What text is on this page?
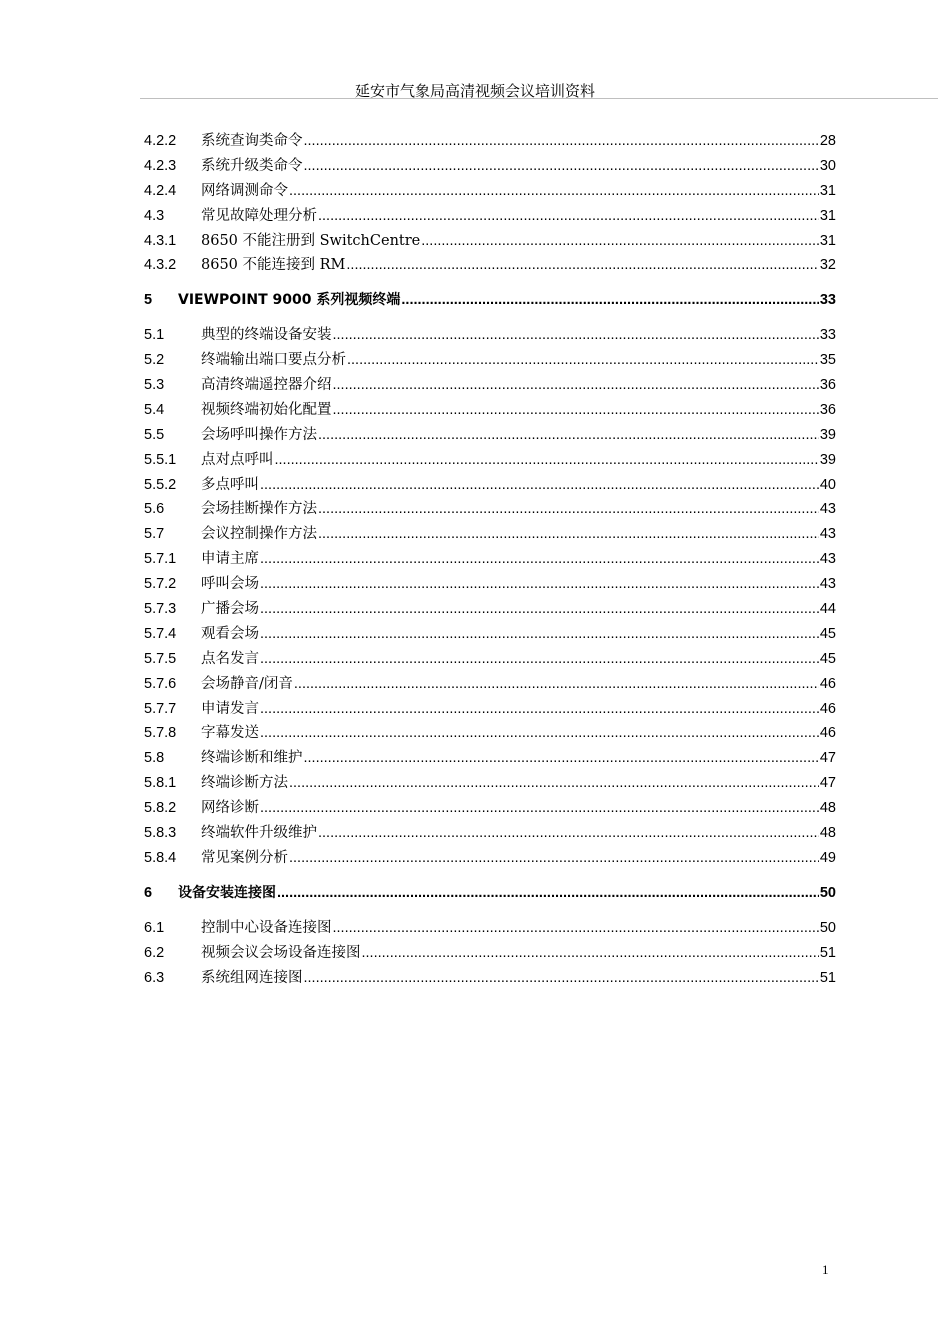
延安市气象局高清视频会议培训资料
4.2.2	系统查询类命令 .....	28
4.2.3	系统升级类命令 .....	30
4.2.4	网络调测命令 .....	31
4.3	常见故障处理分析 .....	31
4.3.1	8650 不能注册到 SwitchCentre .....	31
4.3.2	8650 不能连接到 RM .....	32
5	VIEWPOINT 9000 系列视频终端 .....	33
5.1	典型的终端设备安装 .....	33
5.2	终端输出端口要点分析 .....	35
5.3	高清终端遥控器介绍 .....	36
5.4	视频终端初始化配置 .....	36
5.5	会场呼叫操作方法 .....	39
5.5.1	点对点呼叫 .....	39
5.5.2	多点呼叫 .....	40
5.6	会场挂断操作方法 .....	43
5.7	会议控制操作方法 .....	43
5.7.1	申请主席 .....	43
5.7.2	呼叫会场 .....	43
5.7.3	广播会场 .....	44
5.7.4	观看会场 .....	45
5.7.5	点名发言 .....	45
5.7.6	会场静音/闭音 .....	46
5.7.7	申请发言 .....	46
5.7.8	字幕发送 .....	46
5.8	终端诊断和维护 .....	47
5.8.1	终端诊断方法 .....	47
5.8.2	网络诊断 .....	48
5.8.3	终端软件升级维护 .....	48
5.8.4	常见案例分析 .....	49
6	设备安装连接图 .....	50
6.1	控制中心设备连接图 .....	50
6.2	视频会议会场设备连接图 .....	51
6.3	系统组网连接图 .....	51
1
